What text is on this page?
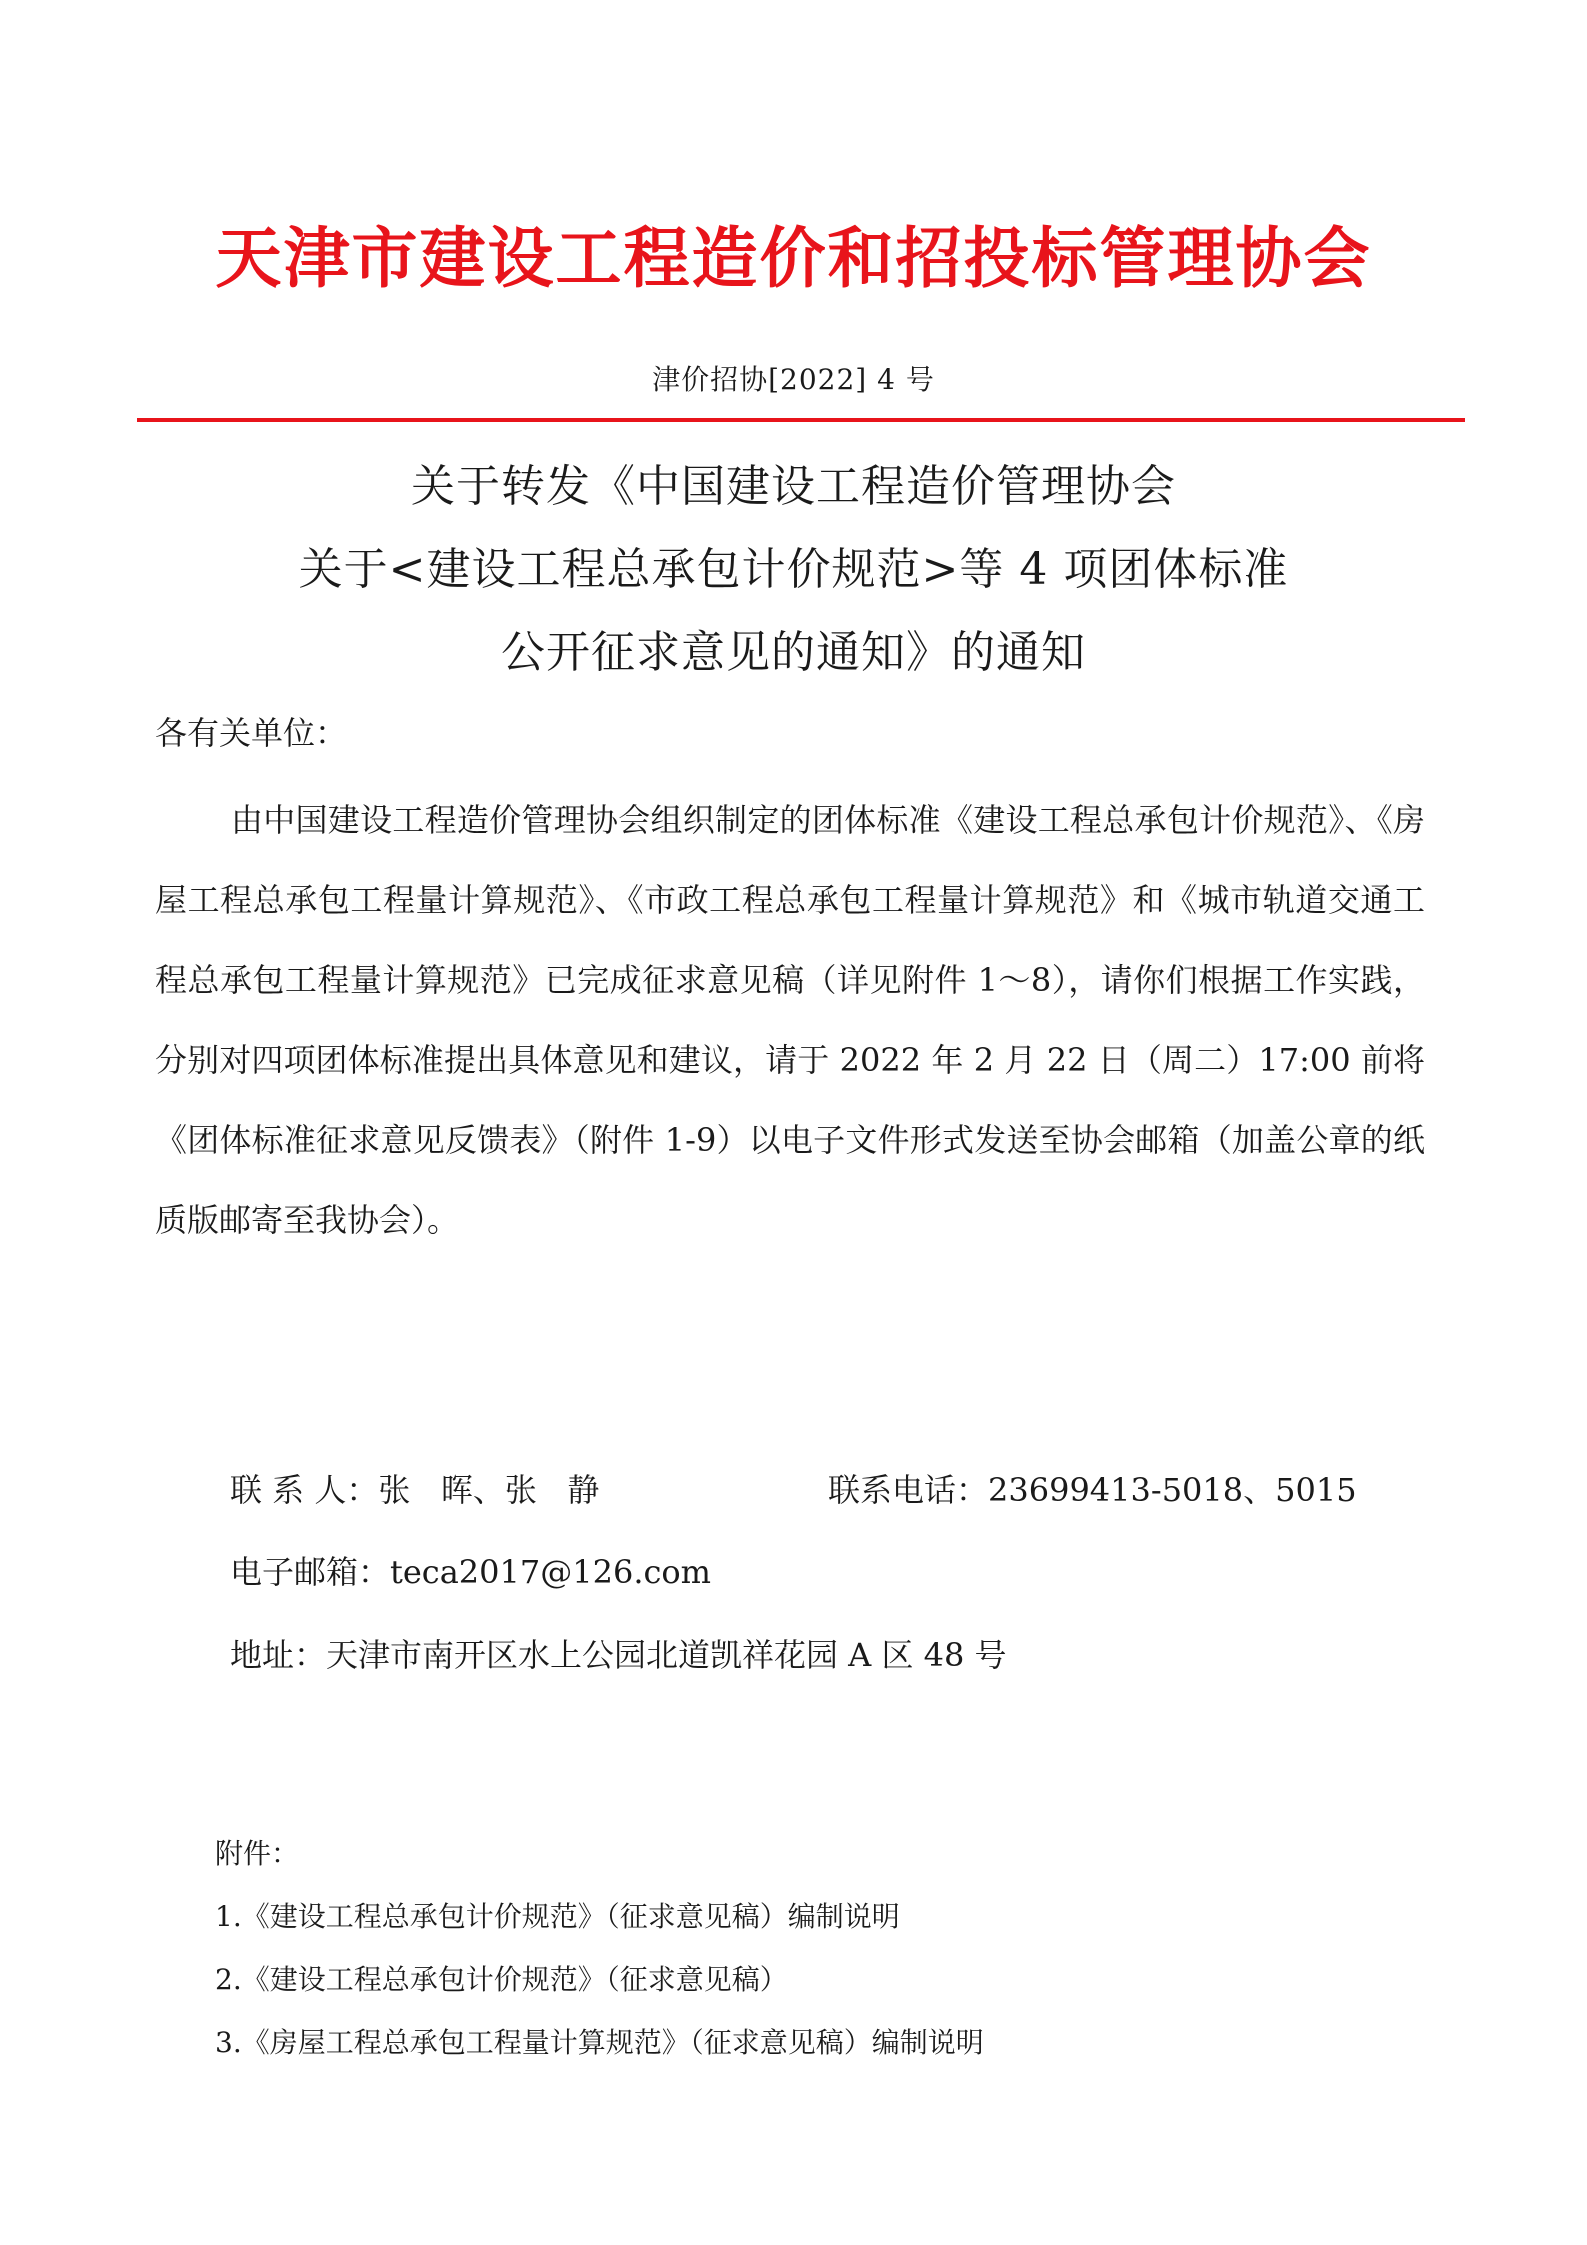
天津市建设工程造价和招投标管理协会
津价招协[2022] 4 号
关于转发《中国建设工程造价管理协会
关于<建设工程总承包计价规范>等 4 项团体标准
公开征求意见的通知》的通知
各有关单位：
由中国建设工程造价管理协会组织制定的团体标准《建设工程总承包计价规范》、《房屋工程总承包工程量计算规范》、《市政工程总承包工程量计算规范》和《城市轨道交通工程总承包工程量计算规范》已完成征求意见稿（详见附件 1～8），请你们根据工作实践，分别对四项团体标准提出具体意见和建议，请于 2022 年 2 月 22 日（周二）17:00 前将《团体标准征求意见反馈表》（附件 1-9）以电子文件形式发送至协会邮箱（加盖公章的纸质版邮寄至我协会）。
联 系 人：张   晖、张   静	联系电话：23699413-5018、5015
电子邮箱：teca2017@126.com
地址：天津市南开区水上公园北道凯祥花园 A 区 48 号
附件：
1.《建设工程总承包计价规范》（征求意见稿）编制说明
2.《建设工程总承包计价规范》（征求意见稿）
3.《房屋工程总承包工程量计算规范》（征求意见稿）编制说明
